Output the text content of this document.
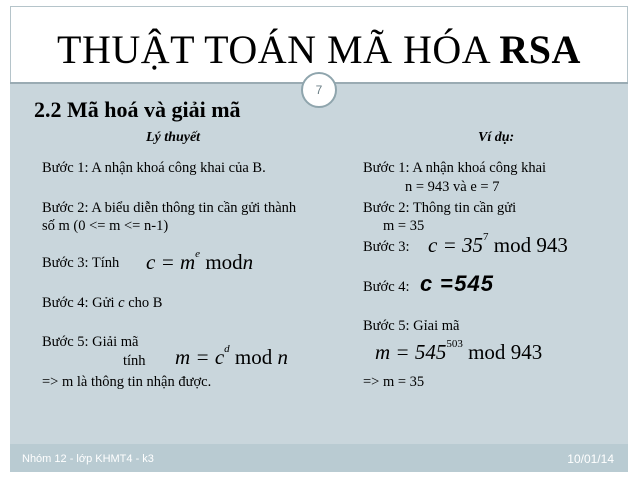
THUẬT TOÁN MÃ HÓA RSA
7
2.2 Mã hoá và giải mã
Lý thuyết
Bước 1: A nhận khoá công khai của B.
Bước 2: A biểu diễn thông tin cần gửi thành
số m (0 <= m <= n-1)
Bước 3: Tính $c = m^e$ modn
Bước 4: Gửi c cho B
Bước 5: Giải mã
tính $m = c^d$ mod n
=> m là thông tin nhận được.
Ví dụ:
Bước 1: A nhận khoá công khai
n = 943 và e = 7
Bước 2: Thông tin cần gửi
m = 35
Bước 3: $c = 35^7$ mod 943
Bước 4: c =545
Bước 5: Gỉai mã
$m = 545^{503}$ mod 943
=> m = 35
Nhóm 12 - lớp KHMT4 - k3	10/01/14
